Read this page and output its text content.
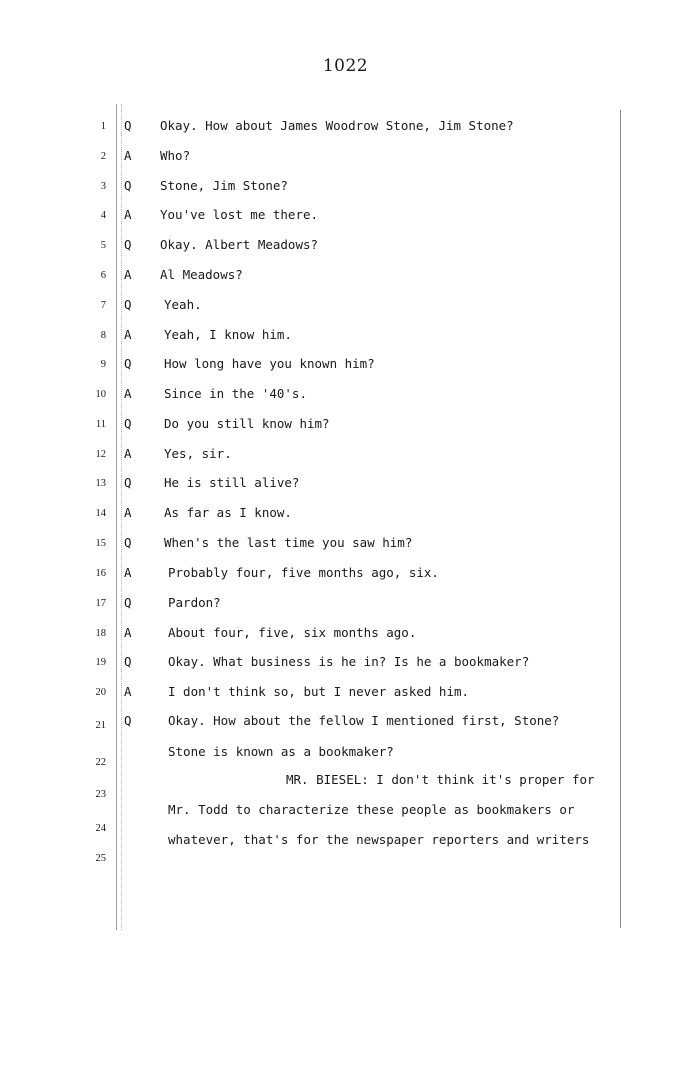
1022
1 Q	Okay. How about James Woodrow Stone, Jim Stone?
2 A	Who?
3 Q	Stone, Jim Stone?
4 A	You've lost me there.
5 Q	Okay. Albert Meadows?
6 A	Al Meadows?
7 Q	Yeah.
8 A	Yeah, I know him.
9 Q	How long have you known him?
10 A	Since in the '40's.
11 Q	Do you still know him?
12 A	Yes, sir.
13 Q	He is still alive?
14 A	As far as I know.
15 Q	When's the last time you saw him?
16 A	Probably four, five months ago, six.
17 Q	Pardon?
18 A	About four, five, six months ago.
19 Q	Okay. What business is he in? Is he a bookmaker?
20 A	I don't think so, but I never asked him.
21 Q	Okay. How about the fellow I mentioned first, Stone?
22
Stone is known as a bookmaker?
23
MR. BIESEL: I don't think it's proper for
24
Mr. Todd to characterize these people as bookmakers or
25
whatever, that's for the newspaper reporters and writers
